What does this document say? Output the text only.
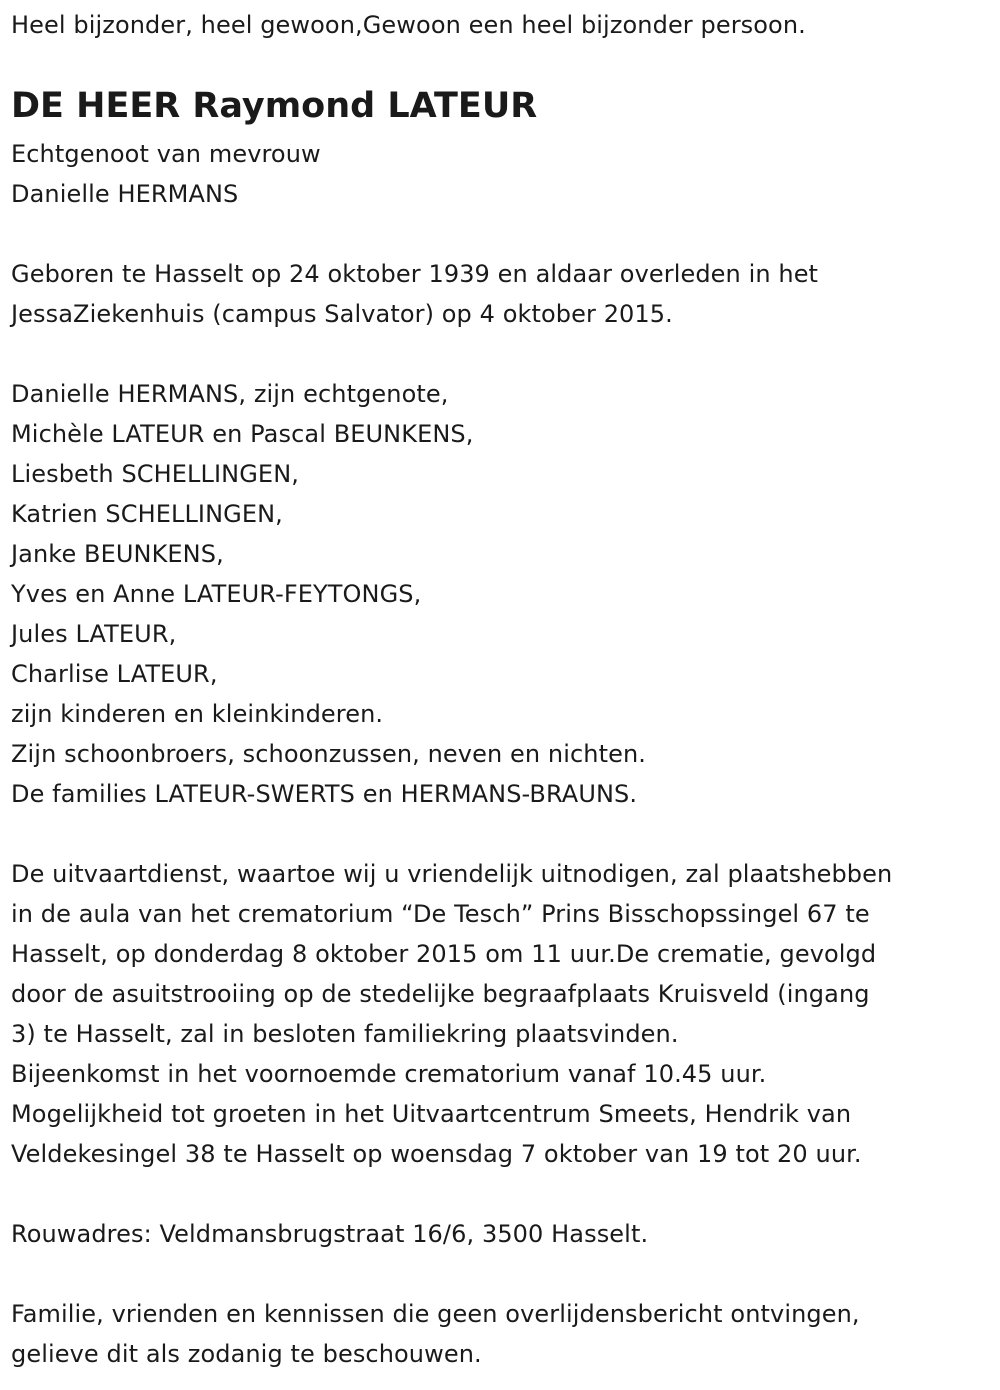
Heel bijzonder, heel gewoon,Gewoon een heel bijzonder persoon.
DE HEER Raymond LATEUR
Echtgenoot van mevrouw
Danielle HERMANS
Geboren te Hasselt op 24 oktober 1939 en aldaar overleden in het
JessaZiekenhuis (campus Salvator) op 4 oktober 2015.
Danielle HERMANS, zijn echtgenote,
Michèle LATEUR en Pascal BEUNKENS,
Liesbeth SCHELLINGEN,
Katrien SCHELLINGEN,
Janke BEUNKENS,
Yves en Anne LATEUR-FEYTONGS,
Jules LATEUR,
Charlise LATEUR,
zijn kinderen en kleinkinderen.
Zijn schoonbroers, schoonzussen, neven en nichten.
De families LATEUR-SWERTS en HERMANS-BRAUNS.
De uitvaartdienst, waartoe wij u vriendelijk uitnodigen, zal plaatshebben
in de aula van het crematorium “De Tesch” Prins Bisschopssingel 67 te
Hasselt, op donderdag 8 oktober 2015 om 11 uur.De crematie, gevolgd
door de asuitstrooiing op de stedelijke begraafplaats Kruisveld (ingang
3) te Hasselt, zal in besloten familiekring plaatsvinden.
Bijeenkomst in het voornoemde crematorium vanaf 10.45 uur.
Mogelijkheid tot groeten in het Uitvaartcentrum Smeets, Hendrik van
Veldekesingel 38 te Hasselt op woensdag 7 oktober van 19 tot 20 uur.
Rouwadres: Veldmansbrugstraat 16/6, 3500 Hasselt.
Familie, vrienden en kennissen die geen overlijdensbericht ontvingen,
gelieve dit als zodanig te beschouwen.
